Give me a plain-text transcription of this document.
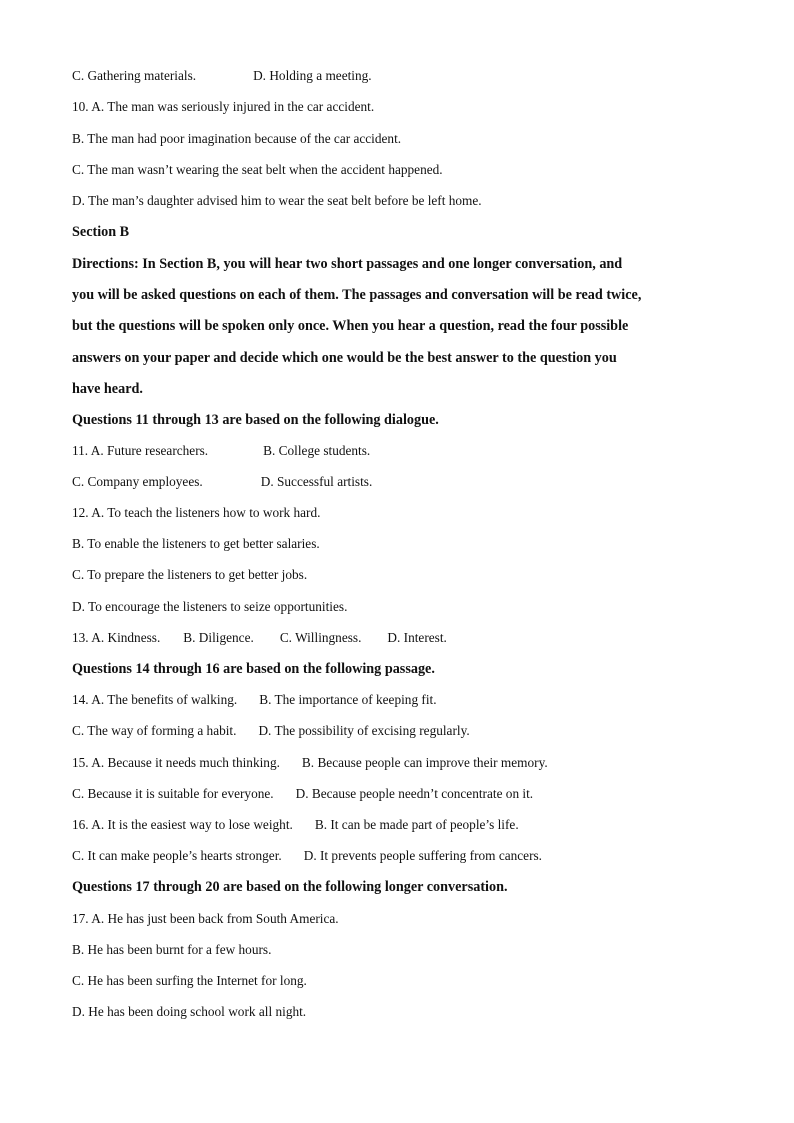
C. Gathering materials.	D. Holding a meeting.
10. A. The man was seriously injured in the car accident.
B. The man had poor imagination because of the car accident.
C. The man wasn’t wearing the seat belt when the accident happened.
D. The man’s daughter advised him to wear the seat belt before be left home.
Section B
Directions: In Section B, you will hear two short passages and one longer conversation, and
you will be asked questions on each of them. The passages and conversation will be read twice,
but the questions will be spoken only once. When you hear a question, read the four possible
answers on your paper and decide which one would be the best answer to the question you
have heard.
Questions 11 through 13 are based on the following dialogue.
11. A. Future researchers.	B. College students.
C. Company employees.	D. Successful artists.
12. A. To teach the listeners how to work hard.
B. To enable the listeners to get better salaries.
C. To prepare the listeners to get better jobs.
D. To encourage the listeners to seize opportunities.
13. A. Kindness. B. Diligence. C. Willingness. D. Interest.
Questions 14 through 16 are based on the following passage.
14. A. The benefits of walking. B. The importance of keeping fit.
C. The way of forming a habit. D. The possibility of excising regularly.
15. A. Because it needs much thinking. B. Because people can improve their memory.
C. Because it is suitable for everyone. D. Because people needn’t concentrate on it.
16. A. It is the easiest way to lose weight. B. It can be made part of people’s life.
C. It can make people’s hearts stronger. D. It prevents people suffering from cancers.
Questions 17 through 20 are based on the following longer conversation.
17. A. He has just been back from South America.
B. He has been burnt for a few hours.
C. He has been surfing the Internet for long.
D. He has been doing school work all night.
